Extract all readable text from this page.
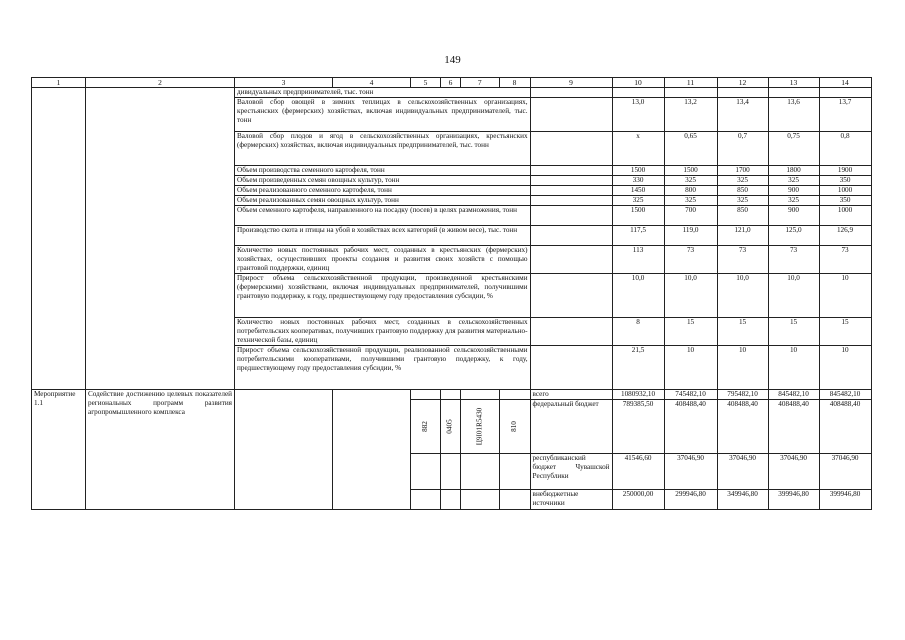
149
1	2	3	4	5	6	7	8	9	10	11	12	13	14
		дивидуальных предпринимателей, тыс. тонн											
		Валовой сбор овощей в зимних теплицах в сельскохозяйственных организациях, крестьянских (фермерских) хозяйствах, включая индивидуальных предпринимателей, тыс. тонн							13,0	13,2	13,4	13,6	13,7
		Валовой сбор плодов и ягод в сельскохозяйственных организациях, крестьянских (фермерских) хозяйствах, включая индивидуальных предпринимателей, тыс. тонн							х	0,65	0,7	0,75	0,8
		Объем производства семенного картофеля, тонн							1500	1500	1700	1800	1900
		Объем произведенных семян овощных культур, тонн							330	325	325	325	350
		Объем реализованного семенного картофеля, тонн							1450	800	850	900	1000
		Объем реализованных семян овощных культур, тонн							325	325	325	325	350
		Объем семенного картофеля, направленного на посадку (посев) в целях размножения, тонн							1500	700	850	900	1000
		Производство скота и птицы на убой в хозяйствах всех категорий (в живом весе), тыс. тонн							117,5	119,0	121,0	125,0	126,9
		Количество новых постоянных рабочих мест, созданных в крестьянских (фермерских) хозяйствах, осуществивших проекты создания и развития своих хозяйств с помощью грантовой поддержки, единиц							113	73	73	73	73
		Прирост объема сельскохозяйственной продукции, произведенной крестьянскими (фермерскими) хозяйствами, включая индивидуальных предпринимателей, получившими грантовую поддержку, к году, предшествующему году предоставления субсидии, %							10,0	10,0	10,0	10,0	10
		Количество новых постоянных рабочих мест, созданных в сельскохозяйственных потребительских кооперативах, получивших грантовую поддержку для развития материально-технической базы, единиц							8	15	15	15	15
		Прирост объема сельскохозяйственной продукции, реализованной сельскохозяйственными потребительскими кооперативами, получившими грантовую поддержку, к году, предшествующему году предоставления субсидии, %							21,5	10	10	10	10
Мероприятие 1.1	Содействие достижению целевых показателей региональных программ развития агропромышленного комплекса							всего	1080932,10	745482,10	795482,10	845482,10	845482,10
				882	0405	Ц9I01R5430	810	федеральный бюджет	789385,50	408488,40	408488,40	408488,40	408488,40
								республиканский бюджет Чувашской Республики	41546,60	37046,90	37046,90	37046,90	37046,90
								внебюджетные источники	250000,00	299946,80	349946,80	399946,80	399946,80
